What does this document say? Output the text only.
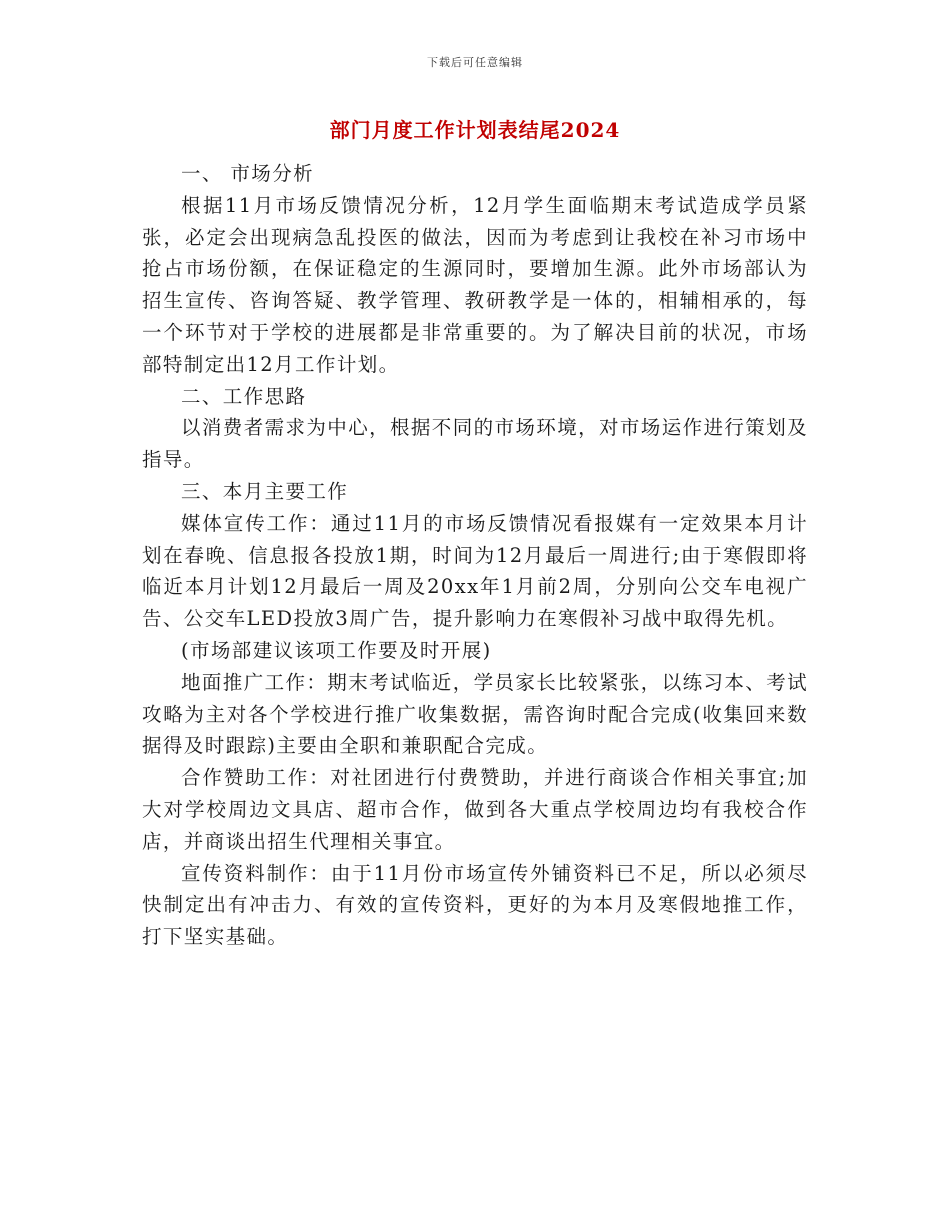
下载后可任意编辑
部门月度工作计划表结尾2024

一、 市场分析

根据11月市场反馈情况分析，12月学生面临期末考试造成学员紧张，必定会出现病急乱投医的做法，因而为考虑到让我校在补习市场中抢占市场份额，在保证稳定的生源同时，要增加生源。此外市场部认为招生宣传、咨询答疑、教学管理、教研教学是一体的，相辅相承的，每一个环节对于学校的进展都是非常重要的。为了解决目前的状况，市场部特制定出12月工作计划。

二、工作思路

以消费者需求为中心，根据不同的市场环境，对市场运作进行策划及指导。

三、本月主要工作

媒体宣传工作：通过11月的市场反馈情况看报媒有一定效果本月计划在春晚、信息报各投放1期，时间为12月最后一周进行;由于寒假即将临近本月计划12月最后一周及20xx年1月前2周，分别向公交车电视广告、公交车LED投放3周广告，提升影响力在寒假补习战中取得先机。

(市场部建议该项工作要及时开展)

地面推广工作：期末考试临近，学员家长比较紧张，以练习本、考试攻略为主对各个学校进行推广收集数据，需咨询时配合完成(收集回来数据得及时跟踪)主要由全职和兼职配合完成。

合作赞助工作：对社团进行付费赞助，并进行商谈合作相关事宜;加大对学校周边文具店、超市合作，做到各大重点学校周边均有我校合作店，并商谈出招生代理相关事宜。

宣传资料制作：由于11月份市场宣传外铺资料已不足，所以必须尽快制定出有冲击力、有效的宣传资料，更好的为本月及寒假地推工作，打下坚实基础。
